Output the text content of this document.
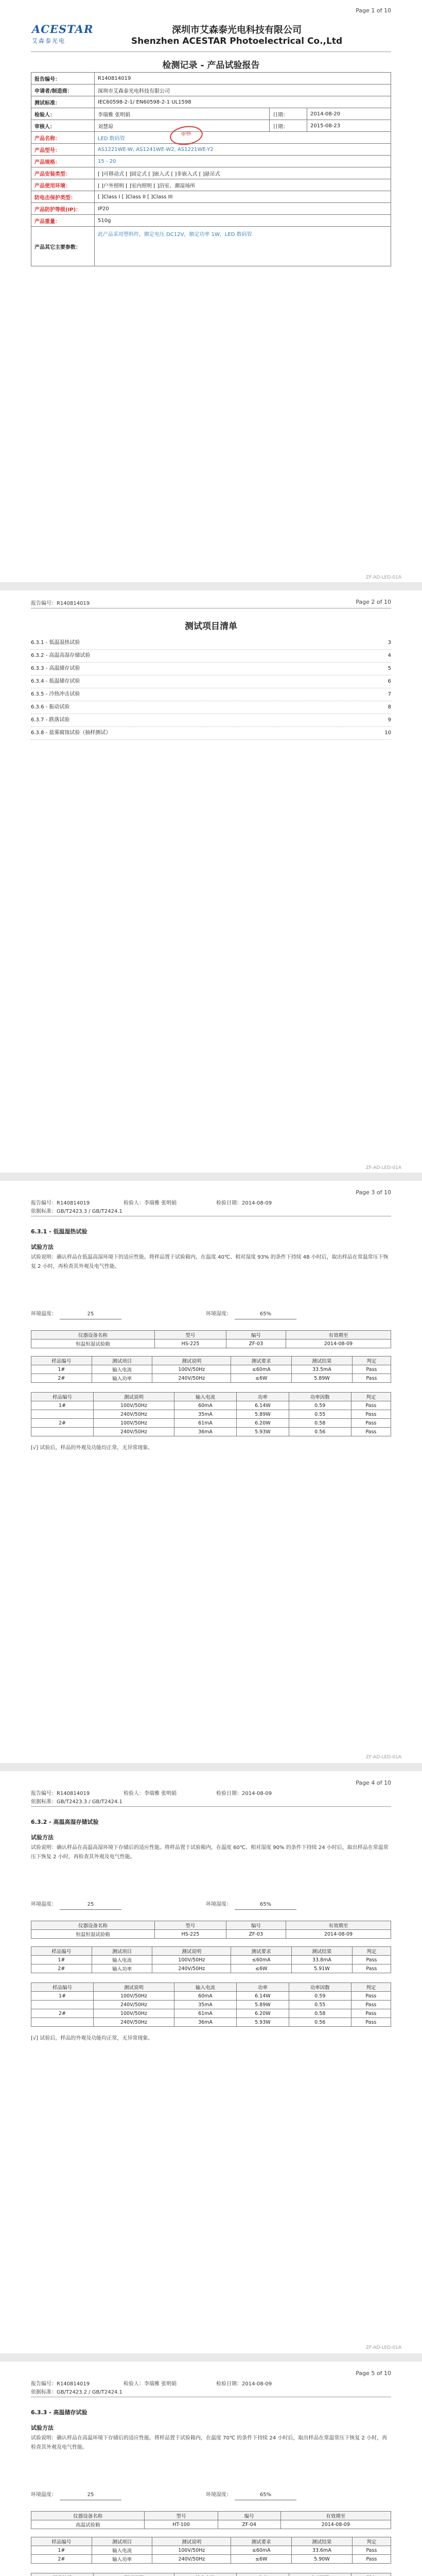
Page 1 of 10
ACESTAR
艾森泰光电
深圳市艾森泰光电科技有限公司
Shenzhen ACESTAR Photoelectrical Co.,Ltd
检测记录 - 产品试验报告
报告编号：	R140814019		
申请者/制造商：	深圳市艾森泰光电科技有限公司		
测试标准：	IEC60598-2-1/ EN60598-2-1 UL1598		
检验人：	李瑞雅 张明娟	日期：	2014-08-20
审核人：	刘慧琼	日期：	2015-08-23
产品名称：	LED 数码管		
产品型号：	AS1221WE-W, AS1241WE-W2, AS1221WE-Y2		
产品规格：	15 - 20		
产品安装类型：	[ ]可移动式 [ ]固定式 [ ]嵌入式 [ ]非嵌入式 [ ]悬吊式		
产品使用环境：	[ ]户外照明 [ ]室内照明 [ ]浴室、潮湿场所		
防电击保护类型：	[ ]Class I [ ]Class II [ ]Class III		
产品防护等级(IP)：	IP20		
产品重量：	510g		
产品其它主要参数：	此产品采用塑料件，额定电压 DC12V，额定功率 1W，LED 数码管		
审核
ZF-AD-LED-01A
报告编号：R140814019	Page 2 of 10
测试项目清单
6.3.1 - 低温湿热试验	3
6.3.2 - 高温高湿存储试验	4
6.3.3 - 高温储存试验	5
6.3.4 - 低温储存试验	6
6.3.5 - 冷热冲击试验	7
6.3.6 - 振动试验	8
6.3.7 - 跌落试验	9
6.3.8 - 盐雾腐蚀试验（抽样测试）	10
ZF-AD-LED-01A
Page 3 of 10
报告编号：R140814019	检验人：李瑞雅 张明娟	检验日期：2014-08-09
依据标准：GB/T2423.3 / GB/T2424.1
6.3.1 - 低温湿热试验
试验方法
试验说明：确认样品在低温高湿环境下的适应性能。将样品置于试验箱内，在温度 40℃、相对湿度 93% 的条件下持续 48 小时后，取出样品在常温常压下恢复 2 小时，再检查其外观及电气性能。
环境温度：	25	环境湿度：	65%
仪器设备名称	型号	编号	有效期至
恒温恒湿试验箱	HS-225	ZF-03	2014-08-09
样品编号	测试项目	测试说明	测试要求	测试结果	判定
1#	输入电流	100V/50Hz	≤60mA	33.5mA	Pass
2#	输入功率	240V/50Hz	≤6W	5.89W	Pass
样品编号	测试说明	输入电流	功率	功率因数	判定
1#	100V/50Hz	60mA	6.14W	0.59	Pass
	240V/50Hz	35mA	5.89W	0.55	Pass
2#	100V/50Hz	61mA	6.20W	0.58	Pass
	240V/50Hz	36mA	5.93W	0.56	Pass
[√] 试验后，样品的外观及功能均正常，无异常现象。
ZF-AD-LED-01A
Page 4 of 10
报告编号：R140814019	检验人：李瑞雅 张明娟	检验日期：2014-08-09
依据标准：GB/T2423.3 / GB/T2424.1
6.3.2 - 高温高湿存储试验
试验方法
试验说明：确认样品在高温高湿环境下存储后的适应性能。将样品置于试验箱内，在温度 60℃、相对湿度 90% 的条件下持续 24 小时后，取出样品在常温常压下恢复 2 小时，再检查其外观及电气性能。
环境温度：	25	环境湿度：	65%
仪器设备名称	型号	编号	有效期至
恒温恒湿试验箱	HS-225	ZF-03	2014-08-09
样品编号	测试项目	测试说明	测试要求	测试结果	判定
1#	输入电流	100V/50Hz	≤60mA	33.8mA	Pass
2#	输入功率	240V/50Hz	≤6W	5.91W	Pass
样品编号	测试说明	输入电流	功率	功率因数	判定
1#	100V/50Hz	60mA	6.14W	0.59	Pass
	240V/50Hz	35mA	5.89W	0.55	Pass
2#	100V/50Hz	61mA	6.20W	0.58	Pass
	240V/50Hz	36mA	5.93W	0.56	Pass
[√] 试验后，样品的外观及功能均正常，无异常现象。
ZF-AD-LED-01A
Page 5 of 10
报告编号：R140814019	检验人：李瑞雅 张明娟	检验日期：2014-08-09
依据标准：GB/T2423.2 / GB/T2424.1
6.3.3 - 高温储存试验
试验方法
试验说明：确认样品在高温环境下存储后的适应性能。将样品置于试验箱内，在温度 70℃ 的条件下持续 24 小时后，取出样品在常温常压下恢复 2 小时，再检查其外观及电气性能。
环境温度：	25	环境湿度：	65%
仪器设备名称	型号	编号	有效期至
高温试验箱	HT-100	ZF-04	2014-08-09
样品编号	测试项目	测试说明	测试要求	测试结果	判定
1#	输入电流	100V/50Hz	≤60mA	33.6mA	Pass
2#	输入功率	240V/50Hz	≤6W	5.90W	Pass
